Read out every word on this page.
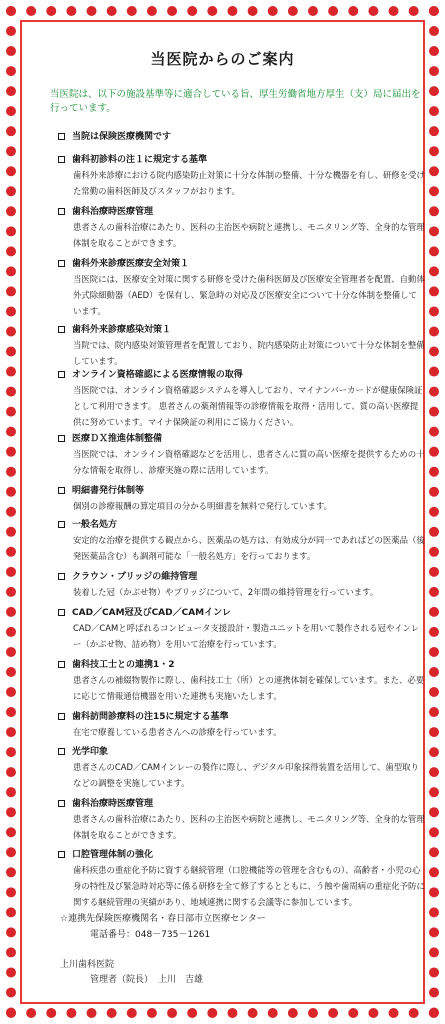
当医院からのご案内
当医院は、以下の施設基準等に適合している旨、厚生労働省地方厚生（支）局に届出を行っています。
当院は保険医療機関です
歯科初診料の注１に規定する基準
歯科外来診療における院内感染防止対策に十分な体制の整備、十分な機器を有し、研修を受けた常勤の歯科医師及びスタッフがおります。
歯科治療時医療管理
患者さんの歯科治療にあたり、医科の主治医や病院と連携し、モニタリング等、全身的な管理体制を取ることができます。
歯科外来診療医療安全対策１
当医院には、医療安全対策に関する研修を受けた歯科医師及び医療安全管理者を配置、自動体外式除細動器（AED）を保有し、緊急時の対応及び医療安全について十分な体制を整備しています。
歯科外来診療感染対策１
当院では、院内感染対策管理者を配置しており、院内感染防止対策について十分な体制を整備しています。
オンライン資格確認による医療情報の取得
当医院では、オンライン資格確認システムを導入しており、マイナンバーカードが健康保険証として利用できます。 患者さんの薬剤情報等の診療情報を取得・活用して、質の高い医療提供に努めています。マイナ保険証の利用にご協力ください。
医療ＤＸ推進体制整備
当医院では、オンライン資格確認などを活用し、患者さんに質の高い医療を提供するための十分な情報を取得し、診療実施の際に活用しています。
明細書発行体制等
個別の診療報酬の算定項目の分かる明細書を無料で発行しています。
一般名処方
安定的な治療を提供する観点から、医薬品の処方は、有効成分が同一であればどの医薬品（後発医薬品含む）も調剤可能な「一般名処方」を行っております。
クラウン・ブリッジの維持管理
装着した冠（かぶせ物）やブリッジについて、2年間の維持管理を行っています。
CAD／CAM冠及びCAD／CAMインレ
CAD／CAMと呼ばれるコンピュータ支援設計・製造ユニットを用いて製作される冠やインレー（かぶせ物、詰め物）を用いて治療を行っています。
歯科技工士との連携1・2
患者さんの補綴物製作に際し、歯科技工士（所）との連携体制を確保しています。また、必要に応じて情報通信機器を用いた連携も実施いたします。
歯科訪問診療料の注15に規定する基準
在宅で療養している患者さんへの診療を行っています。
光学印象
患者さんのCAD／CAMインレーの製作に際し、デジタル印象採得装置を活用して、歯型取りなどの調整を実施しています。
歯科治療時医療管理
患者さんの歯科治療にあたり、医科の主治医や病院と連携し、モニタリング等、全身的な管理体制を取ることができます。
口腔管理体制の強化
歯科疾患の重症化予防に資する継続管理（口腔機能等の管理を含むもの）、高齢者・小児の心身の特性及び緊急時対応等に係る研修を全て修了するとともに、う蝕や歯周病の重症化予防に関する継続管理の実績があり、地域連携に関する会議等に参加しています。
☆連携先保険医療機関名・春日部市立医療センター
電話番号：048－735－1261
上川歯科医院
管理者（院長） 上川　吉雄
